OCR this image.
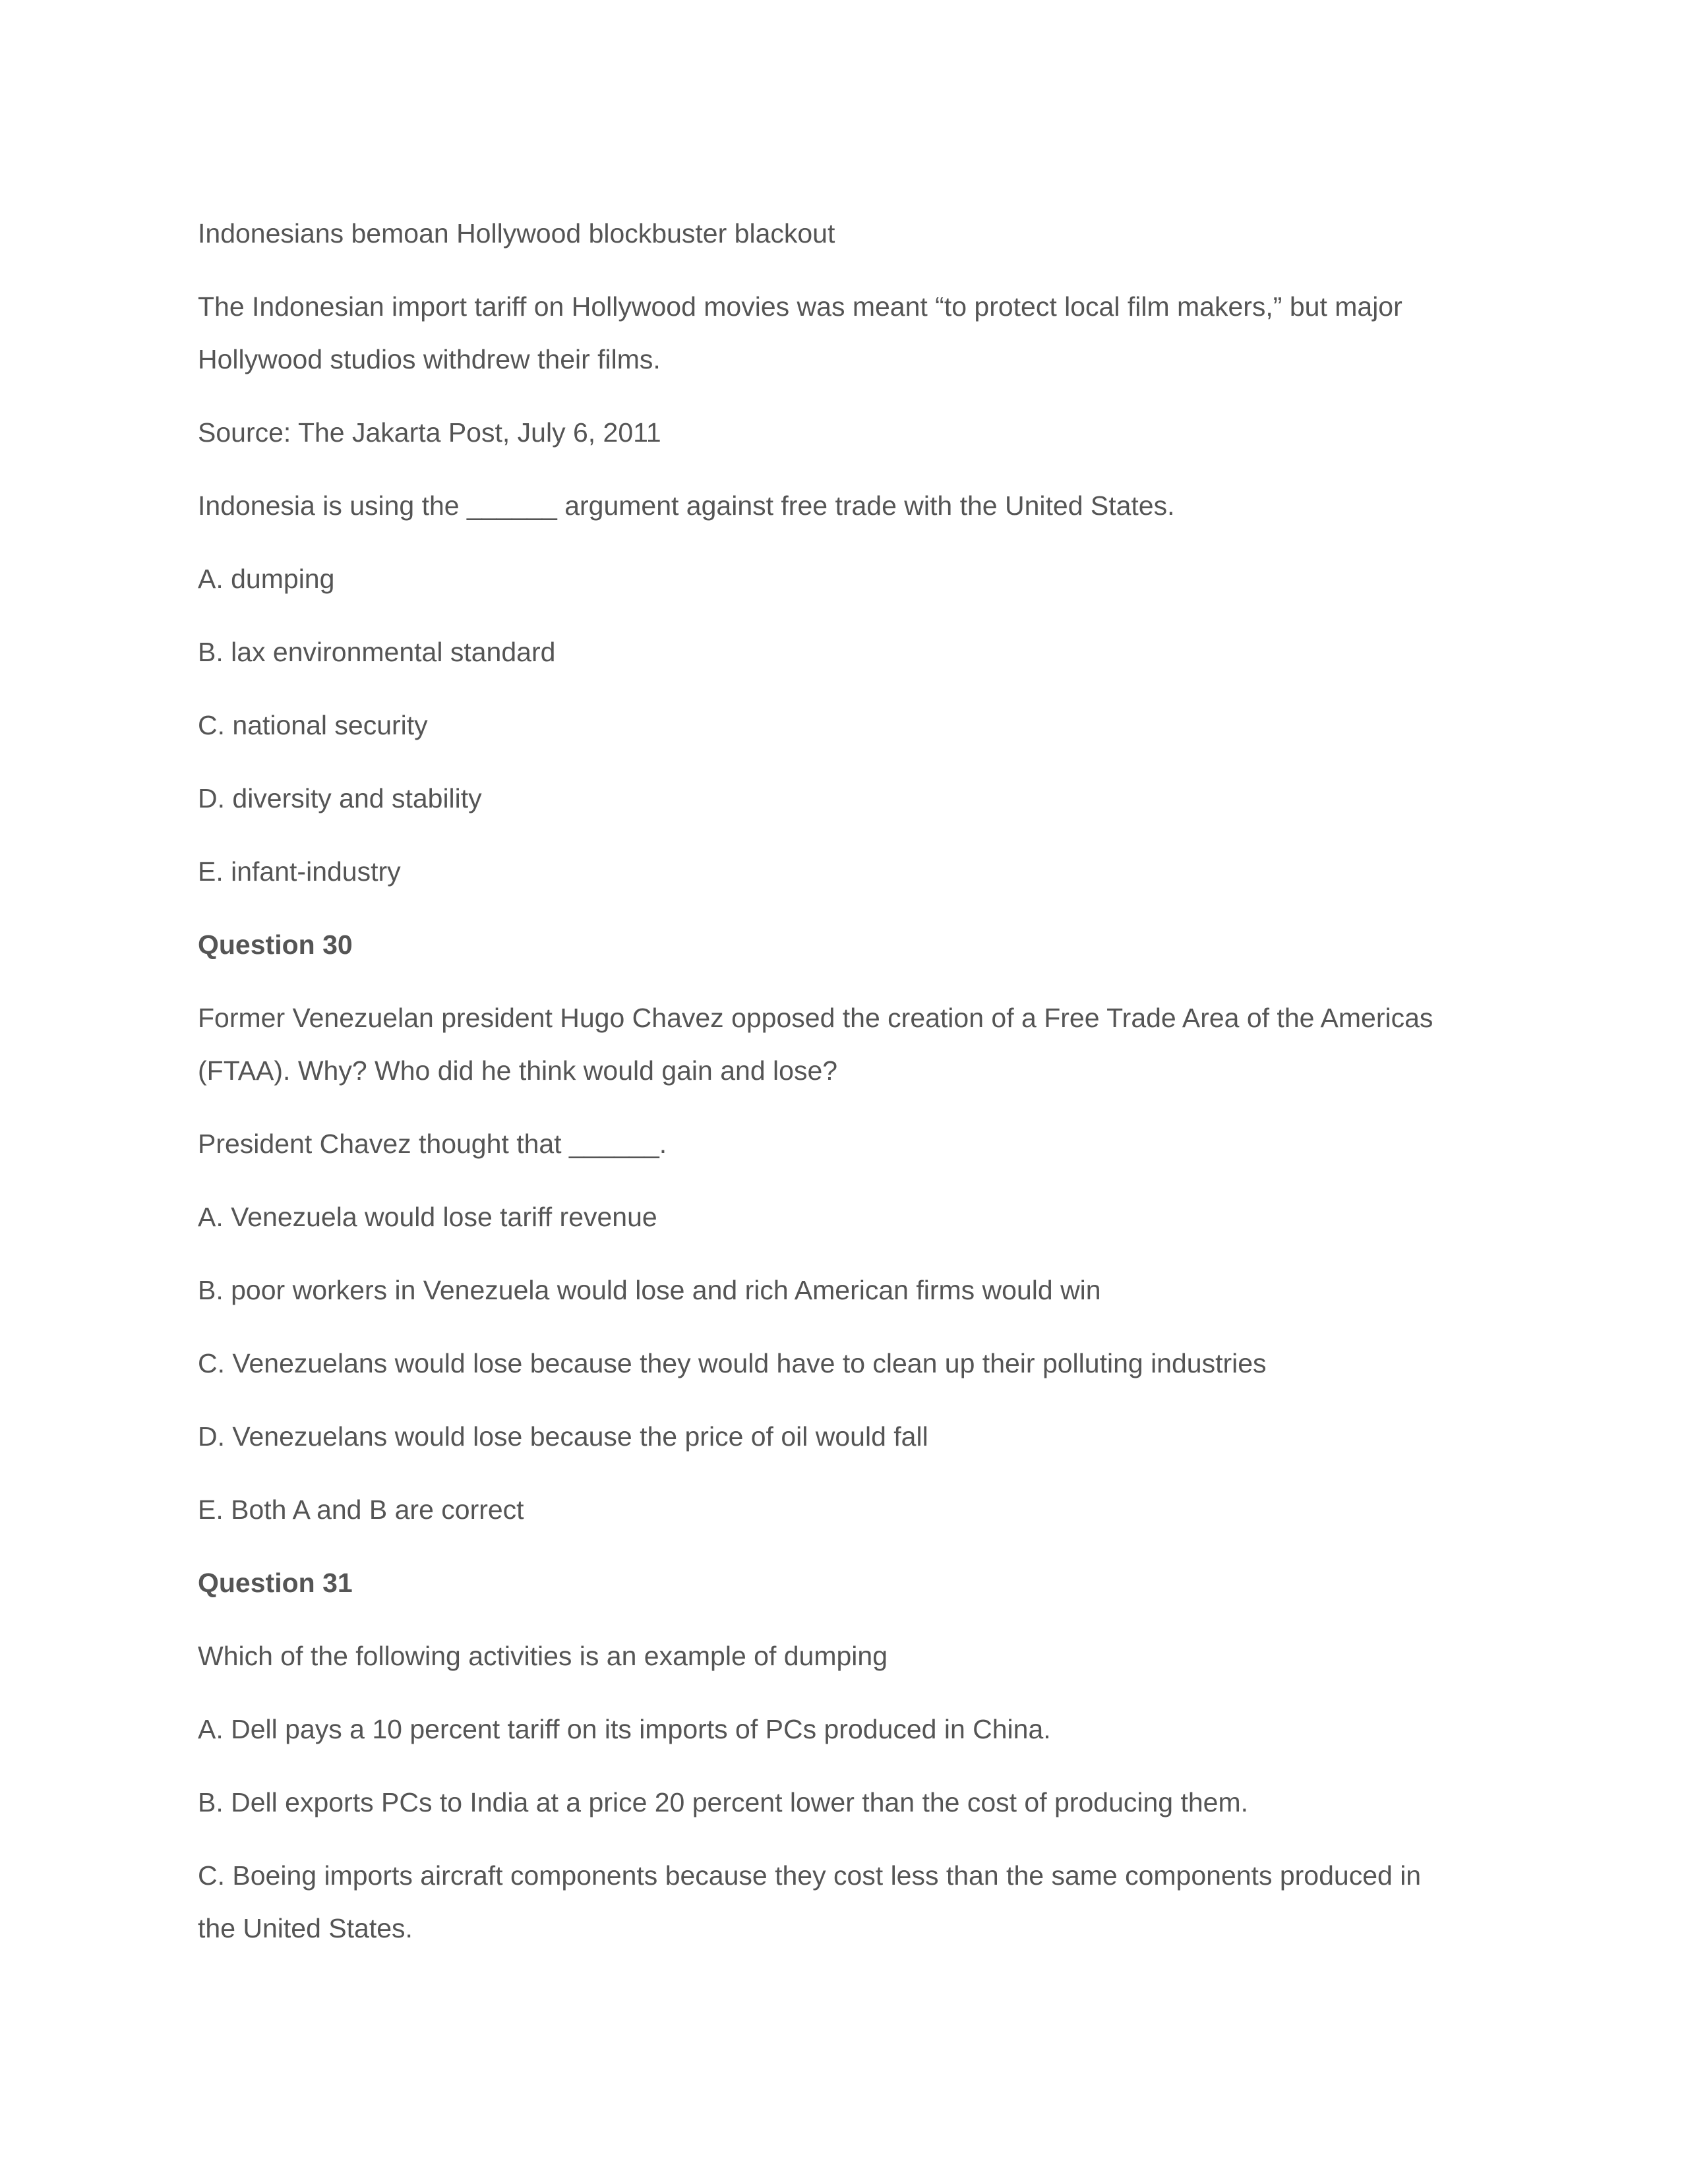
Indonesians bemoan Hollywood blockbuster blackout

The Indonesian import tariff on Hollywood movies was meant “to protect local film makers,” but major

Hollywood studios withdrew their films.

Source: The Jakarta Post, July 6, 2011

Indonesia is using the ______ argument against free trade with the United States.

A. dumping

B. lax environmental standard

C. national security

D. diversity and stability

E. infant-industry

Question 30

Former Venezuelan president Hugo Chavez opposed the creation of a Free Trade Area of the Americas

(FTAA). Why? Who did he think would gain and lose?

President Chavez thought that ______.

A. Venezuela would lose tariff revenue

B. poor workers in Venezuela would lose and rich American firms would win

C. Venezuelans would lose because they would have to clean up their polluting industries

D. Venezuelans would lose because the price of oil would fall

E. Both A and B are correct

Question 31

Which of the following activities is an example of dumping

A. Dell pays a 10 percent tariff on its imports of PCs produced in China.

B. Dell exports PCs to India at a price 20 percent lower than the cost of producing them.

C. Boeing imports aircraft components because they cost less than the same components produced in

the United States.
